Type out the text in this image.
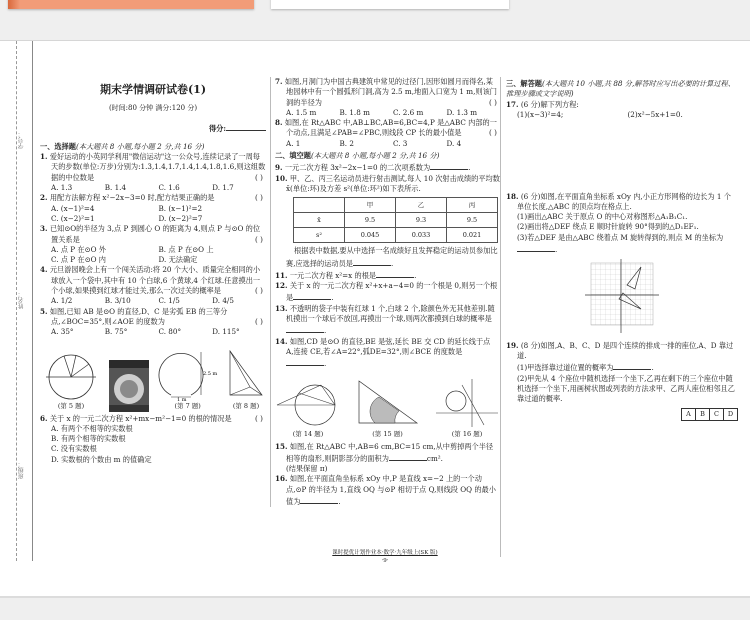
学号：
姓名：
班级：
期末学情调研试卷(1)
(时间:80 分钟 满分:120 分)
得分:
一、选择题(本大题共 8 小题,每小题 2 分,共 16 分)
1. 爱好运动的小英同学利用"微信运动"这一公众号,连续记录了一周每天的步数(单位:万步)分别为:1.3,1.4,1.7,1.4,1.4,1.8,1.6,则这组数据的中位数是	( )
A. 1.3	B. 1.4	C. 1.6	D. 1.7
2. 用配方法解方程 x²−2x−3=0 时,配方结果正确的是	( )
A. (x−1)²=4	B. (x−1)²=2
C. (x−2)²=1	D. (x−2)²=7
3. 已知⊙O的半径为 3,点 P 到圆心 O 的距离为 4,则点 P 与⊙O 的位置关系是	( )
A. 点 P 在⊙O 外	B. 点 P 在⊙O 上
C. 点 P 在⊙O 内	D. 无法确定
4. 元旦游园晚会上有一个闯关活动:将 20 个大小、质量完全相同的小球放入一个袋中,其中有 10 个白球,6 个黄球,4 个红球.任意摸出一个小球,如果摸到红球才能过关,那么一次过关的概率是	( )
A. 1/2	B. 3/10	C. 1/5	D. 4/5
5. 如图,已知 AB 是⊙O 的直径,D、C 是劣弧 EB 的三等分点,∠BOC=35°,则∠AOE 的度数为	( )
A. 35°	B. 75°	C. 80°	D. 115°
(第 5 题)
2.5 m
1 m
(第 7 题)	(第 8 题)
6. 关于 x 的一元二次方程 x²+mx−m²−1=0 的根的情况是	( )
A. 有两个不相等的实数根
B. 有两个相等的实数根
C. 没有实数根
D. 实数根的个数由 m 的值确定
7. 如图,月洞门为中国古典建筑中常见的过径门,因形如圆月而得名,某地园林中有一个圆弧形门洞,高为 2.5 m,地面入口宽为 1 m,则该门洞的半径为	( )
A. 1.5 m	B. 1.8 m	C. 2.6 m	D. 1.3 m
8. 如图,在 Rt△ABC 中,AB⊥BC,AB=6,BC=4,P 是△ABC 内部的一个动点,且满足∠PAB=∠PBC,则线段 CP 长的最小值是	( )
A. 1	B. 2	C. 3	D. 4
二、填空题(本大题共 8 小题,每小题 2 分,共 16 分)
9. 一元二次方程 3x²−2x−1=0 的二次项系数为	.
10. 甲、乙、丙三名运动员进行射击测试,每人 10 次射击成绩的平均数 x̄(单位:环)及方差 s²(单位:环²)如下表所示.
	甲	乙	丙
x̄	9.5	9.3	9.5
s²	0.045	0.033	0.021
根据表中数据,要从中选择一名成绩好且发挥稳定的运动员参加比赛,应选择的运动员是	.
11. 一元二次方程 x²=x 的根是	.
12. 关于 x 的一元二次方程 x²+x+a−4=0 的一个根是 0,则另一个根是	.
13. 不透明的袋子中装有红球 1 个,白球 2 个,除颜色外无其他差别.随机摸出一个球后不放回,再摸出一个球,则两次都摸到白球的概率是.
14. 如图,CD 是⊙O 的直径,BE 是弦,延长 BE 交 CD 的延长线于点 A,连接 CE,若∠A=22°,弧DE=32°,则∠BCE 的度数是.
(第 14 题)	(第 15 题)	(第 16 题)
15. 如图,在 Rt△ABC 中,AB=6 cm,BC=15 cm,从中剪掉两个半径相等的扇形,则阴影部分的面积为	cm².
(结果保留 π)
16. 如图,在平面直角坐标系 xOy 中,P 是直线 x=−2 上的一个动点,⊙P 的半径为 1,直线 OQ 与⊙P 相切于点 Q,则线段 OQ 的最小值为	.
三、解答题(本大题共 10 小题,共 88 分,解答时应写出必要的计算过程、推理步骤或文字说明)
17. (6 分)解下列方程:
(1)(x−3)²=4;	(2)x²−5x+1=0.
18. (6 分)如图,在平面直角坐标系 xOy 内,小正方形网格的边长为 1 个单位长度,△ABC 的顶点均在格点上.
(1)画出△ABC 关于原点 O 的中心对称图形△A₁B₁C₁.
(2)画出将△DEF 绕点 E 顺时针旋转 90°得到的△D₁EF₁.
(3)若△DEF 是由△ABC 绕着点 M 旋转得到的,则点 M 的坐标为.
19. (8 分)如图,A、B、C、D 是四个连续的排成一排的座位,A、D 靠过道.
(1)甲选择靠过道位置的概率为	.
(2)甲先从 4 个座位中随机选择一个坐下,乙再在剩下的三个座位中随机选择一个坐下,用画树状图或列表的方法求甲、乙两人座位相邻且乙靠过道的概率.
A	B	C	D
课时提优计划作业本·数学·九年级上(SK 版)
·9·
